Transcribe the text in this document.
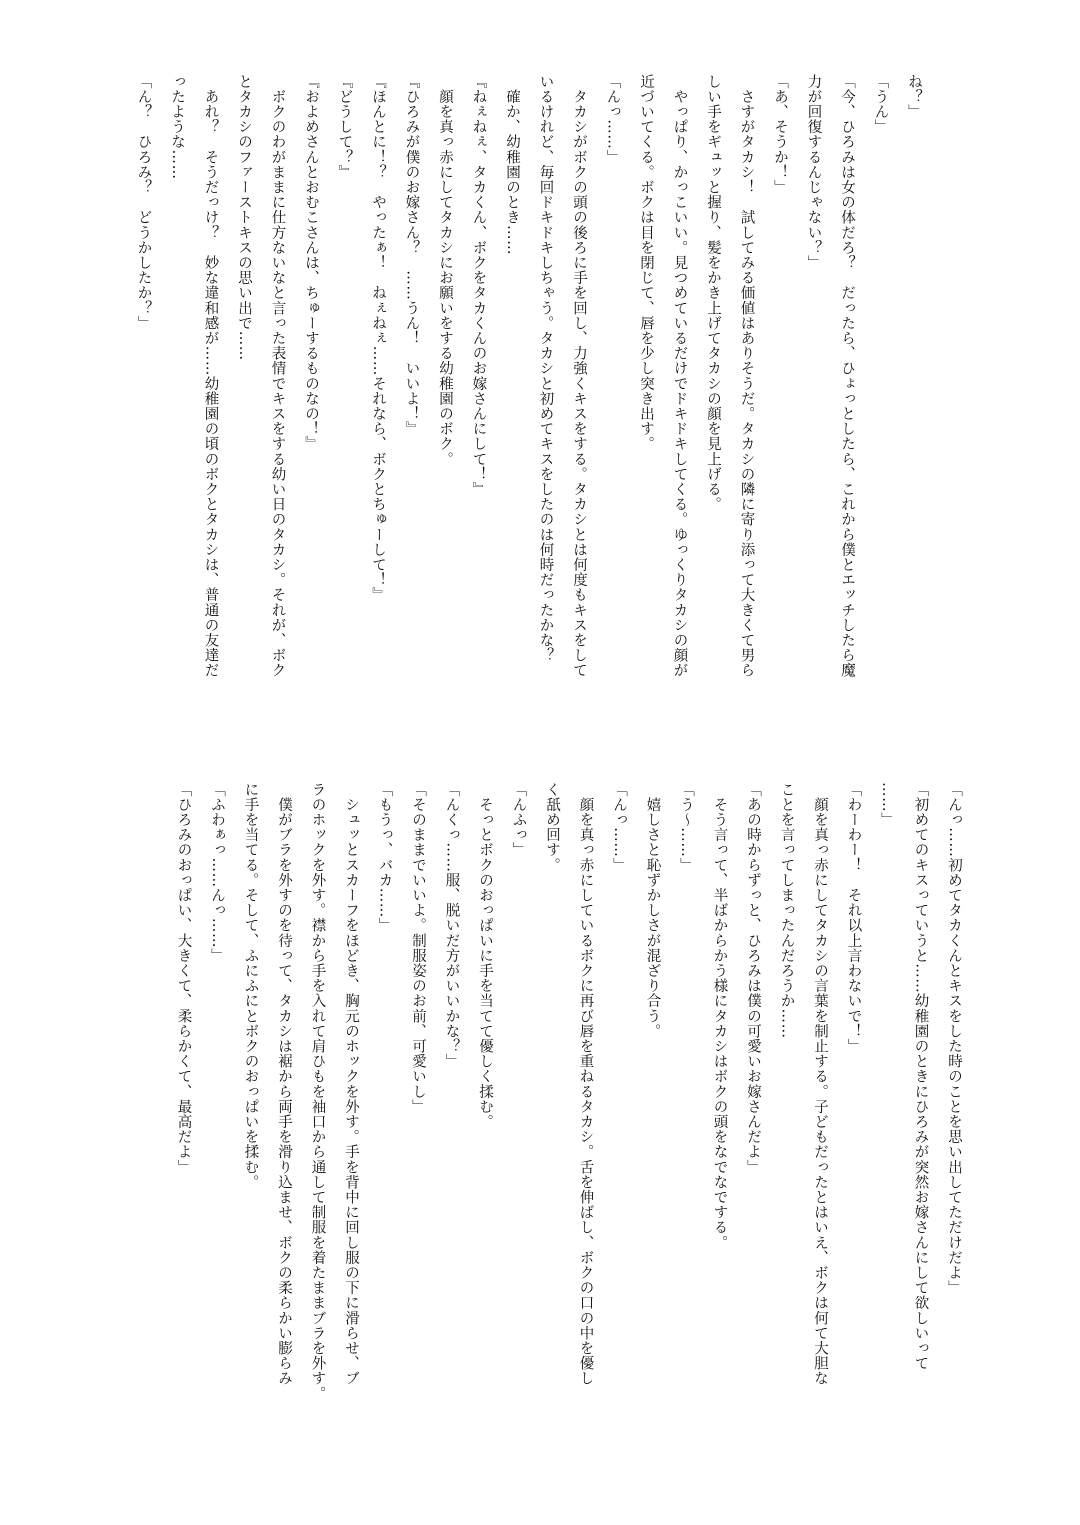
ね？」
「うん」
「今、ひろみは女の体だろ？　だったら、ひょっとしたら、これから僕とエッチしたら魔
力が回復するんじゃない？」
「あ、そうか！」
　さすがタカシ！　試してみる価値はありそうだ。タカシの隣に寄り添って大きくて男ら
しい手をギュッと握り、髪をかき上げてタカシの顔を見上げる。
　やっぱり、かっこいい。見つめているだけでドキドキしてくる。ゆっくりタカシの顔が
近づいてくる。ボクは目を閉じて、唇を少し突き出す。
「んっ……」
　タカシがボクの頭の後ろに手を回し、力強くキスをする。タカシとは何度もキスをして
いるけれど、毎回ドキドキしちゃう。タカシと初めてキスをしたのは何時だったかな？
　確か、幼稚園のとき……
『ねぇねぇ、タカくん、ボクをタカくんのお嫁さんにして！』
　顔を真っ赤にしてタカシにお願いをする幼稚園のボク。
『ひろみが僕のお嫁さん？　……うん！　いいよ！』
『ほんとに！？　やったぁ！　ねぇねぇ……それなら、ボクとちゅーして！』
『どうして？』
『およめさんとおむこさんは、ちゅーするものなの！』
　ボクのわがままに仕方ないなと言った表情でキスをする幼い日のタカシ。それが、ボク
とタカシのファーストキスの思い出で……
　あれ？　そうだっけ？　妙な違和感が……幼稚園の頃のボクとタカシは、普通の友達だ
ったような……
「ん？　ひろみ？　どうかしたか？」
「んっ……初めてタカくんとキスをした時のことを思い出してただけだよ」
「初めてのキスっていうと……幼稚園のときにひろみが突然お嫁さんにして欲しいって
……」
「わーわー！　それ以上言わないで！」
　顔を真っ赤にしてタカシの言葉を制止する。子どもだったとはいえ、ボクは何て大胆な
ことを言ってしまったんだろうか……
「あの時からずっと、ひろみは僕の可愛いお嫁さんだよ」
　そう言って、半ばからかう様にタカシはボクの頭をなでなでする。
「う～……」
　嬉しさと恥ずかしさが混ざり合う。
「んっ……」
　顔を真っ赤にしているボクに再び唇を重ねるタカシ。舌を伸ばし、ボクの口の中を優し
く舐め回す。
「んふっ」
　そっとボクのおっぱいに手を当てて優しく揉む。
「んくっ……服、脱いだ方がいいかな？」
「そのままでいいよ。制服姿のお前、可愛いし」
「もうっ、バカ……」
　シュッとスカーフをほどき、胸元のホックを外す。手を背中に回し服の下に滑らせ、ブ
ラのホックを外す。襟から手を入れて肩ひもを袖口から通して制服を着たままブラを外す。
　僕がブラを外すのを待って、タカシは裾から両手を滑り込ませ、ボクの柔らかい膨らみ
に手を当てる。そして、ふにふにとボクのおっぱいを揉む。
「ふわぁっ……んっ……」
「ひろみのおっぱい、大きくて、柔らかくて、最高だよ」
